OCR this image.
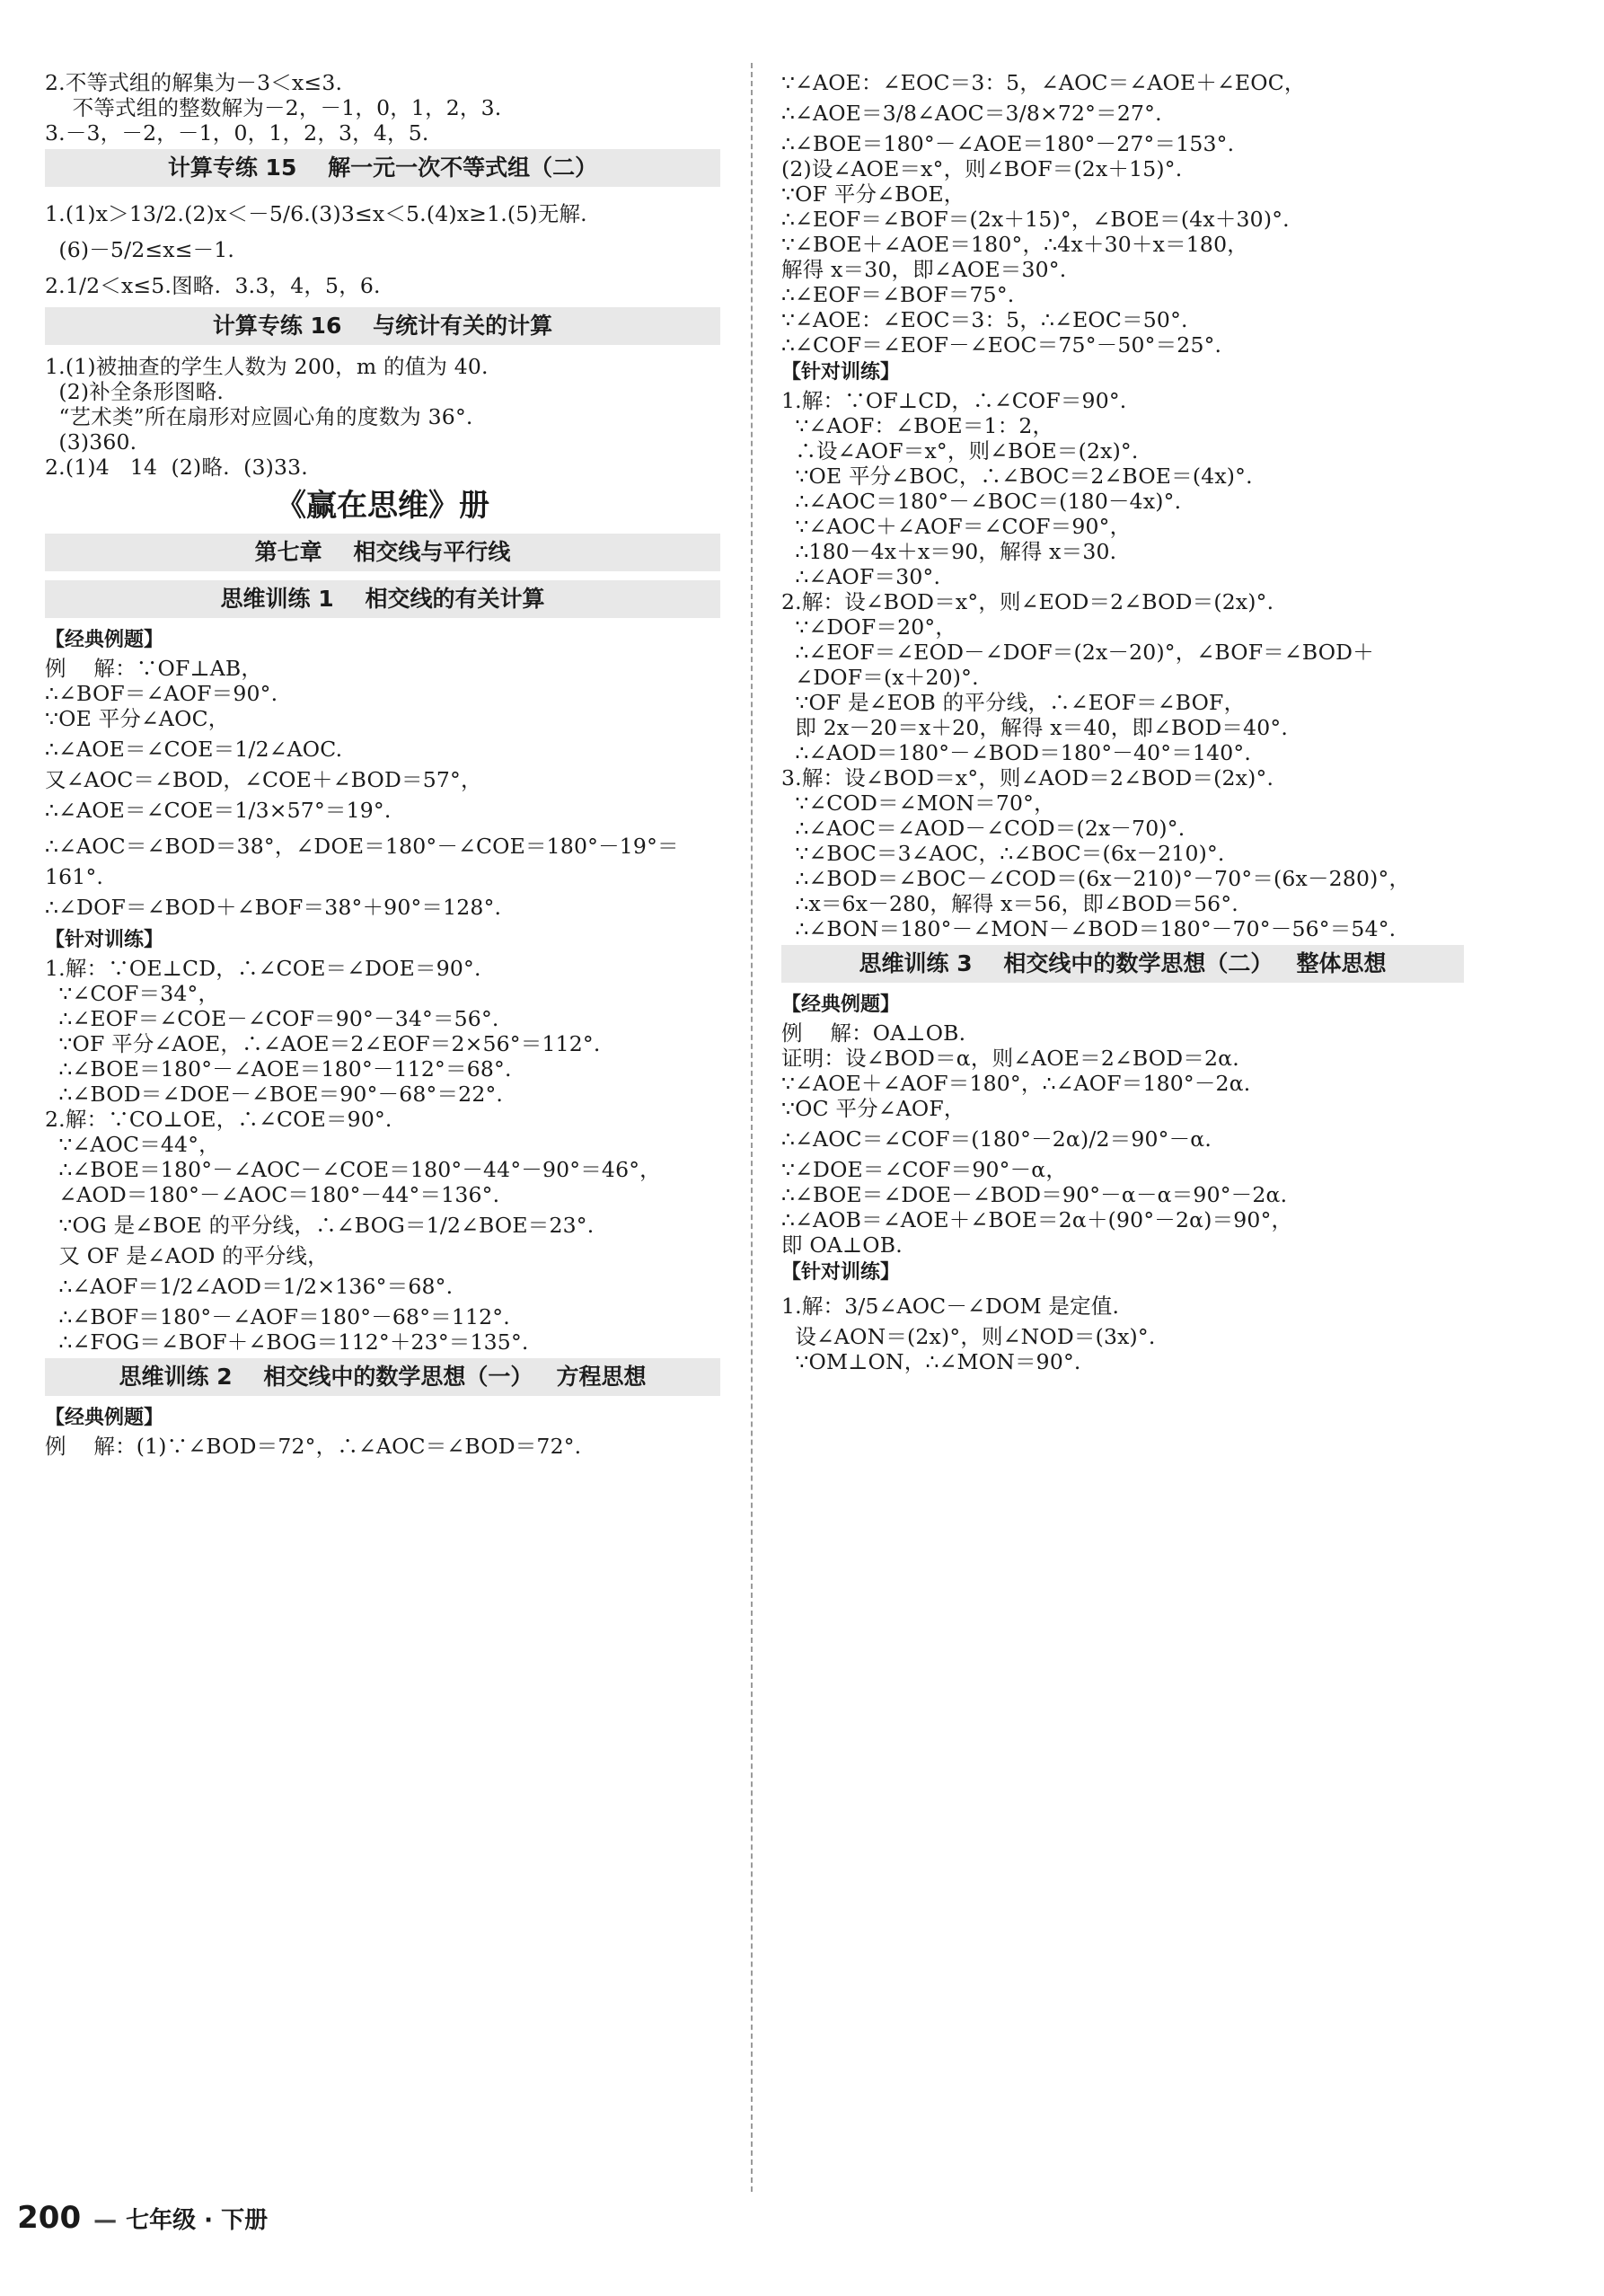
2.不等式组的解集为－3＜x≤3.
不等式组的整数解为－2，－1，0，1，2，3.
3.－3，－2，－1，0，1，2，3，4，5.
计算专练 15    解一元一次不等式组（二）
1.(1)x＞13/2.(2)x＜－5/6.(3)3≤x＜5.(4)x≥1.(5)无解.
(6)－5/2≤x≤－1.
2.1/2＜x≤5.图略.  3.3，4，5，6.
计算专练 16    与统计有关的计算
1.(1)被抽查的学生人数为 200，m 的值为 40.
(2)补全条形图略.
“艺术类”所在扇形对应圆心角的度数为 36°.
(3)360.
2.(1)4   14  (2)略.  (3)33.
《赢在思维》册
第七章    相交线与平行线
思维训练 1    相交线的有关计算
【经典例题】
例    解：∵OF⊥AB，
∴∠BOF＝∠AOF＝90°.
∵OE 平分∠AOC，
∴∠AOE＝∠COE＝1/2∠AOC.
又∠AOC＝∠BOD，∠COE＋∠BOD＝57°，
∴∠AOE＝∠COE＝1/3×57°＝19°.
∴∠AOC＝∠BOD＝38°，∠DOE＝180°－∠COE＝180°－19°＝
161°.
∴∠DOF＝∠BOD＋∠BOF＝38°＋90°＝128°.
【针对训练】
1.解：∵OE⊥CD，∴∠COE＝∠DOE＝90°.
∵∠COF＝34°，
∴∠EOF＝∠COE－∠COF＝90°－34°＝56°.
∵OF 平分∠AOE，∴∠AOE＝2∠EOF＝2×56°＝112°.
∴∠BOE＝180°－∠AOE＝180°－112°＝68°.
∴∠BOD＝∠DOE－∠BOE＝90°－68°＝22°.
2.解：∵CO⊥OE，∴∠COE＝90°.
∵∠AOC＝44°，
∴∠BOE＝180°－∠AOC－∠COE＝180°－44°－90°＝46°，
∠AOD＝180°－∠AOC＝180°－44°＝136°.
∵OG 是∠BOE 的平分线，∴∠BOG＝1/2∠BOE＝23°.
又 OF 是∠AOD 的平分线，
∴∠AOF＝1/2∠AOD＝1/2×136°＝68°.
∴∠BOF＝180°－∠AOF＝180°－68°＝112°.
∴∠FOG＝∠BOF＋∠BOG＝112°＋23°＝135°.
思维训练 2    相交线中的数学思想（一）   方程思想
【经典例题】
例    解：(1)∵∠BOD＝72°，∴∠AOC＝∠BOD＝72°.
∵∠AOE：∠EOC＝3：5，∠AOC＝∠AOE＋∠EOC，
∴∠AOE＝3/8∠AOC＝3/8×72°＝27°.
∴∠BOE＝180°－∠AOE＝180°－27°＝153°.
(2)设∠AOE＝x°，则∠BOF＝(2x＋15)°.
∵OF 平分∠BOE，
∴∠EOF＝∠BOF＝(2x＋15)°，∠BOE＝(4x＋30)°.
∵∠BOE＋∠AOE＝180°，∴4x＋30＋x＝180，
解得 x＝30，即∠AOE＝30°.
∴∠EOF＝∠BOF＝75°.
∵∠AOE：∠EOC＝3：5，∴∠EOC＝50°.
∴∠COF＝∠EOF－∠EOC＝75°－50°＝25°.
【针对训练】
1.解：∵OF⊥CD，∴∠COF＝90°.
∵∠AOF：∠BOE＝1：2，
∴设∠AOF＝x°，则∠BOE＝(2x)°.
∵OE 平分∠BOC，∴∠BOC＝2∠BOE＝(4x)°.
∴∠AOC＝180°－∠BOC＝(180－4x)°.
∵∠AOC＋∠AOF＝∠COF＝90°，
∴180－4x＋x＝90，解得 x＝30.
∴∠AOF＝30°.
2.解：设∠BOD＝x°，则∠EOD＝2∠BOD＝(2x)°.
∵∠DOF＝20°，
∴∠EOF＝∠EOD－∠DOF＝(2x－20)°，∠BOF＝∠BOD＋
∠DOF＝(x＋20)°.
∵OF 是∠EOB 的平分线，∴∠EOF＝∠BOF，
即 2x－20＝x＋20，解得 x＝40，即∠BOD＝40°.
∴∠AOD＝180°－∠BOD＝180°－40°＝140°.
3.解：设∠BOD＝x°，则∠AOD＝2∠BOD＝(2x)°.
∵∠COD＝∠MON＝70°，
∴∠AOC＝∠AOD－∠COD＝(2x－70)°.
∵∠BOC＝3∠AOC，∴∠BOC＝(6x－210)°.
∴∠BOD＝∠BOC－∠COD＝(6x－210)°－70°＝(6x－280)°，
∴x＝6x－280，解得 x＝56，即∠BOD＝56°.
∴∠BON＝180°－∠MON－∠BOD＝180°－70°－56°＝54°.
思维训练 3    相交线中的数学思想（二）   整体思想
【经典例题】
例    解：OA⊥OB.
证明：设∠BOD＝α，则∠AOE＝2∠BOD＝2α.
∵∠AOE＋∠AOF＝180°，∴∠AOF＝180°－2α.
∵OC 平分∠AOF，
∴∠AOC＝∠COF＝(180°－2α)/2＝90°－α.
∵∠DOE＝∠COF＝90°－α，
∴∠BOE＝∠DOE－∠BOD＝90°－α－α＝90°－2α.
∴∠AOB＝∠AOE＋∠BOE＝2α＋(90°－2α)＝90°，
即 OA⊥OB.
【针对训练】
1.解：3/5∠AOC－∠DOM 是定值.
设∠AON＝(2x)°，则∠NOD＝(3x)°.
∵OM⊥ON，∴∠MON＝90°.

200 — 七年级 · 下册
